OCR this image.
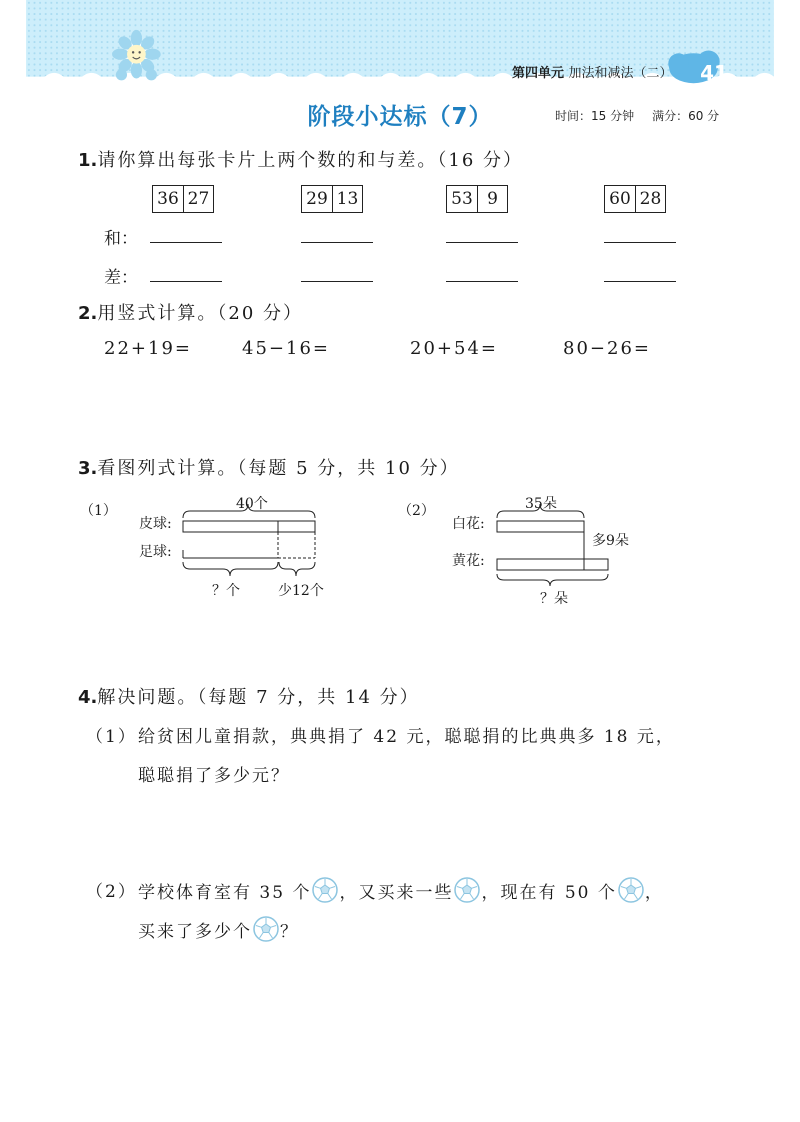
第四单元 加法和减法（二）	41
阶段小达标（7）	时间：15 分钟 满分：60 分
1.请你算出每张卡片上两个数的和与差。（16 分）
36 27	29 13	53 9	60 28
和：
差：
2.用竖式计算。（20 分）
22+19=	45−16=	20+54=	80−26=
3.看图列式计算。（每题 5 分，共 10 分）
（1）
皮球:
足球:
40个
？个	少12个
（2）
白花:
黄花:
35朵
多9朵
？朵
4.解决问题。（每题 7 分，共 14 分）
（1） 给贫困儿童捐款，典典捐了 42 元，聪聪捐的比典典多 18 元，
聪聪捐了多少元？
（2） 学校体育室有 35 个 ，又买来一些 ，现在有 50 个 ，
买来了多少个 ？
